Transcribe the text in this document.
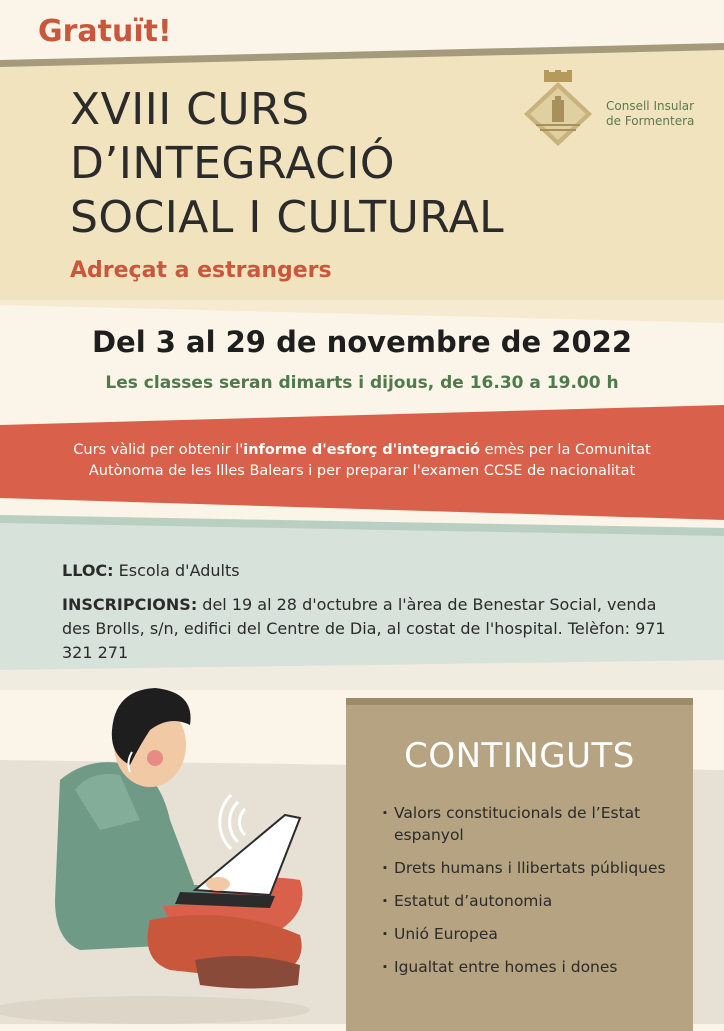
Gratuït!
XVIII CURS
D’INTEGRACIÓ
SOCIAL I CULTURAL
Adreçat a estrangers
Consell Insular
de Formentera
Del 3 al 29 de novembre de 2022
Les classes seran dimarts i dijous, de 16.30 a 19.00 h
Curs vàlid per obtenir l'informe d'esforç d'integració emès per la Comunitat Autònoma de les Illes Balears i per preparar l'examen CCSE de nacionalitat
LLOC: Escola d'Adults
INSCRIPCIONS: del 19 al 28 d'octubre a l'àrea de Benestar Social, venda des Brolls, s/n, edifici del Centre de Dia, al costat de l'hospital. Telèfon: 971 321 271
CONTINGUTS
· Valors constitucionals de l’Estat espanyol
· Drets humans i llibertats públiques
· Estatut d’autonomia
· Unió Europea
· Igualtat entre homes i dones
